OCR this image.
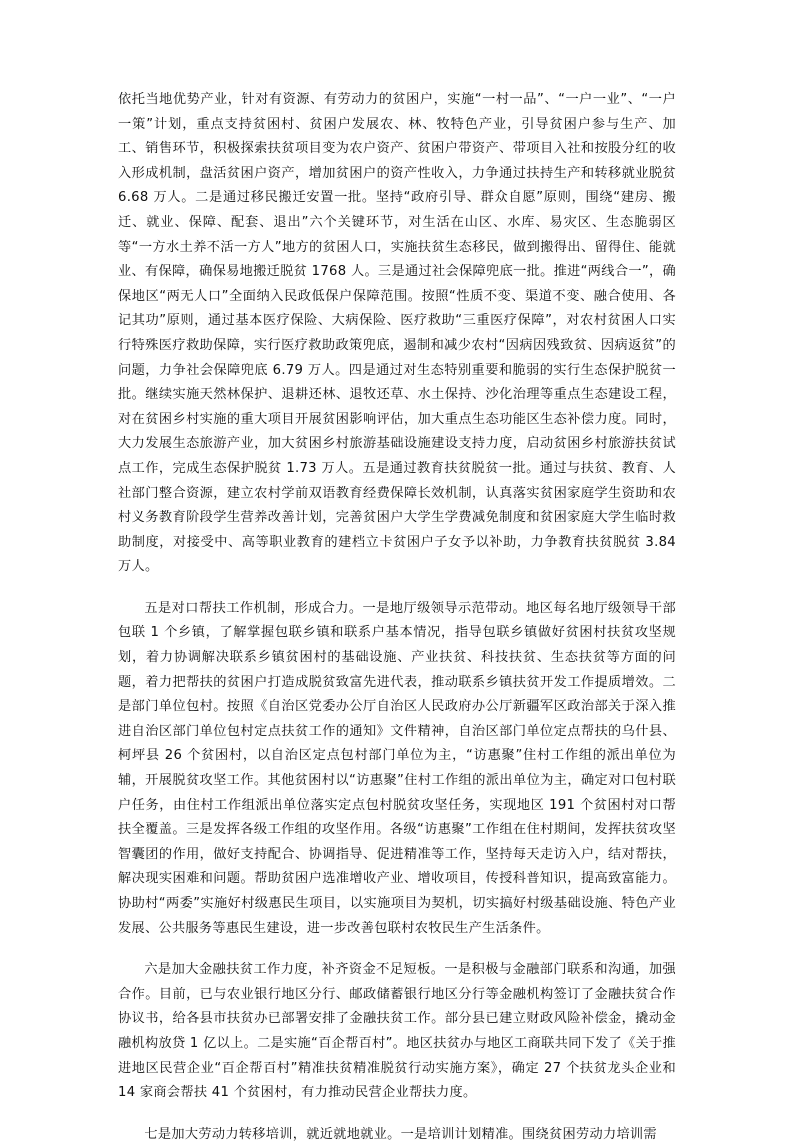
依托当地优势产业，针对有资源、有劳动力的贫困户，实施“一村一品”、“一户一业”、“一户一策”计划，重点支持贫困村、贫困户发展农、林、牧特色产业，引导贫困户参与生产、加工、销售环节，积极探索扶贫项目变为农户资产、贫困户带资产、带项目入社和按股分红的收入形成机制，盘活贫困户资产，增加贫困户的资产性收入，力争通过扶持生产和转移就业脱贫 6.68 万人。二是通过移民搬迁安置一批。坚持“政府引导、群众自愿”原则，围绕“建房、搬迁、就业、保障、配套、退出”六个关键环节，对生活在山区、水库、易灾区、生态脆弱区等“一方水土养不活一方人”地方的贫困人口，实施扶贫生态移民，做到搬得出、留得住、能就业、有保障，确保易地搬迁脱贫 1768 人。三是通过社会保障兜底一批。推进“两线合一”，确保地区“两无人口”全面纳入民政低保户保障范围。按照“性质不变、渠道不变、融合使用、各记其功”原则，通过基本医疗保险、大病保险、医疗救助“三重医疗保障”，对农村贫困人口实行特殊医疗救助保障，实行医疗救助政策兜底，遏制和减少农村“因病因残致贫、因病返贫”的问题，力争社会保障兜底 6.79 万人。四是通过对生态特别重要和脆弱的实行生态保护脱贫一批。继续实施天然林保护、退耕还林、退牧还草、水土保持、沙化治理等重点生态建设工程，对在贫困乡村实施的重大项目开展贫困影响评估，加大重点生态功能区生态补偿力度。同时，大力发展生态旅游产业，加大贫困乡村旅游基础设施建设支持力度，启动贫困乡村旅游扶贫试点工作，完成生态保护脱贫 1.73 万人。五是通过教育扶贫脱贫一批。通过与扶贫、教育、人社部门整合资源，建立农村学前双语教育经费保障长效机制，认真落实贫困家庭学生资助和农村义务教育阶段学生营养改善计划，完善贫困户大学生学费减免制度和贫困家庭大学生临时救助制度，对接受中、高等职业教育的建档立卡贫困户子女予以补助，力争教育扶贫脱贫 3.84 万人。

五是对口帮扶工作机制，形成合力。一是地厅级领导示范带动。地区每名地厅级领导干部包联 1 个乡镇，了解掌握包联乡镇和联系户基本情况，指导包联乡镇做好贫困村扶贫攻坚规划，着力协调解决联系乡镇贫困村的基础设施、产业扶贫、科技扶贫、生态扶贫等方面的问题，着力把帮扶的贫困户打造成脱贫致富先进代表，推动联系乡镇扶贫开发工作提质增效。二是部门单位包村。按照《自治区党委办公厅自治区人民政府办公厅新疆军区政治部关于深入推进自治区部门单位包村定点扶贫工作的通知》文件精神，自治区部门单位定点帮扶的乌什县、柯坪县 26 个贫困村，以自治区定点包村部门单位为主，“访惠聚”住村工作组的派出单位为辅，开展脱贫攻坚工作。其他贫困村以“访惠聚”住村工作组的派出单位为主，确定对口包村联户任务，由住村工作组派出单位落实定点包村脱贫攻坚任务，实现地区 191 个贫困村对口帮扶全覆盖。三是发挥各级工作组的攻坚作用。各级“访惠聚”工作组在住村期间，发挥扶贫攻坚智囊团的作用，做好支持配合、协调指导、促进精准等工作，坚持每天走访入户，结对帮扶，解决现实困难和问题。帮助贫困户选准增收产业、增收项目，传授科普知识，提高致富能力。协助村“两委”实施好村级惠民生项目，以实施项目为契机，切实搞好村级基础设施、特色产业发展、公共服务等惠民生建设，进一步改善包联村农牧民生产生活条件。

六是加大金融扶贫工作力度，补齐资金不足短板。一是积极与金融部门联系和沟通，加强合作。目前，已与农业银行地区分行、邮政储蓄银行地区分行等金融机构签订了金融扶贫合作协议书，给各县市扶贫办已部署安排了金融扶贫工作。部分县已建立财政风险补偿金，撬动金融机构放贷 1 亿以上。二是实施“百企帮百村”。地区扶贫办与地区工商联共同下发了《关于推进地区民营企业“百企帮百村”精准扶贫精准脱贫行动实施方案》，确定 27 个扶贫龙头企业和 14 家商会帮扶 41 个贫困村，有力推动民营企业帮扶力度。

七是加大劳动力转移培训，就近就地就业。一是培训计划精准。围绕贫困劳动力培训需
